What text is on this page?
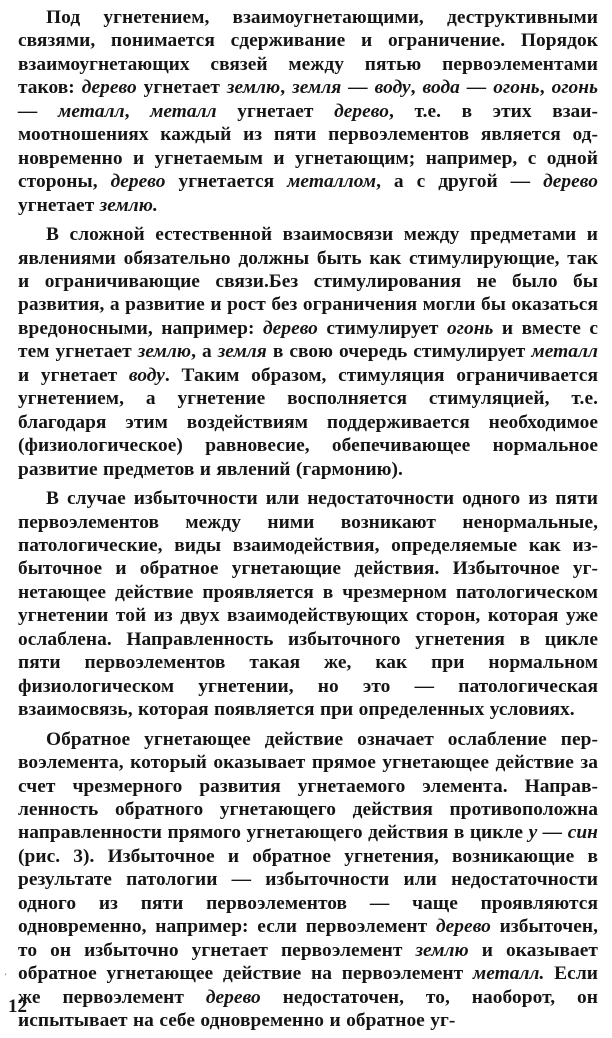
Под угнетением, взаимоугнетающими, деструктивными связями, понимается сдерживание и ограничение. Порядок взаимоугнетающих связей между пятью первоэлементами таков: дерево угнетает землю, земля — воду, вода — огонь, огонь — металл, металл угнетает дерево, т.е. в этих взаимоотношениях каждый из пяти первоэлементов является одновременно и угнетаемым и угнетающим; например, с одной стороны, дерево угнетается металлом, а с другой — дерево угнетает землю.

В сложной естественной взаимосвязи между предметами и явлениями обязательно должны быть как стимулирующие, так и ограничивающие связи.Без стимулирования не было бы развития, а развитие и рост без ограничения могли бы оказаться вредоносными, например: дерево стимулирует огонь и вместе с тем угнетает землю, а земля в свою очередь стимулирует металл и угнетает воду. Таким образом, стимуляция ограничивается угнетением, а угнетение восполняется стимуляцией, т.е. благодаря этим воздействиям поддерживается необходимое (физиологическое) равновесие, обепечивающее нормальное развитие предметов и явлений (гармонию).

В случае избыточности или недостаточности одного из пяти первоэлементов между ними возникают ненормальные, патологические, виды взаимодействия, определяемые как избыточное и обратное угнетающие действия. Избыточное угнетающее действие проявляется в чрезмерном патологическом угнетении той из двух взаимодействующих сторон, которая уже ослаблена. Направленность избыточного угнетения в цикле пяти первоэлементов такая же, как при нормальном физиологическом угнетении, но это — патологическая взаимосвязь, которая появляется при определенных условиях.

Обратное угнетающее действие означает ослабление первоэлемента, который оказывает прямое угнетающее действие за счет чрезмерного развития угнетаемого элемента. Направленность обратного угнетающего действия противоположна направленности прямого угнетающего действия в цикле у — син (рис. 3). Избыточное и обратное угнетения, возникающие в результате патологии — избыточности или недостаточности одного из пяти первоэлементов — чаще проявляются одновременно, например: если первоэлемент дерево избыточен, то он избыточно угнетает первоэлемент землю и оказывает обратное угнетающее действие на первоэлемент металл. Если же первоэлемент дерево недостаточен, то, наоборот, он испытывает на себе одновременно и обратное уг-

'
12
